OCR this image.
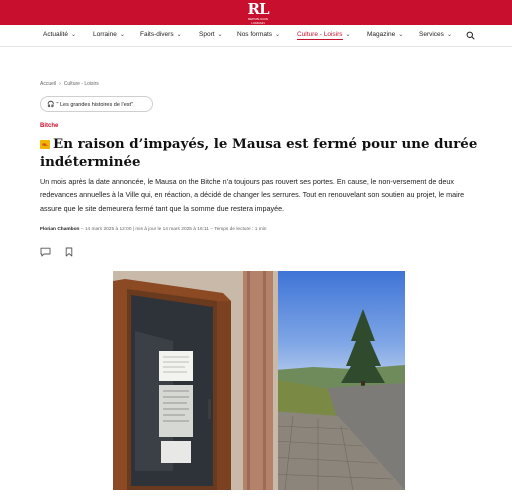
RL
REPUBLICAIN LORRAIN
Actualité ⌄	Lorraine ⌄ Faits-divers ⌄	Sport ⌄ Nos formats ⌄	Culture - Loisirs ⌄	Magazine ⌄ Services ⌄
Accueil › Culture - Loisirs
🎧 " Les grandes histoires de l'est"
Bitche
RL En raison d’impayés, le Mausa est fermé pour une durée indéterminée

Un mois après la date annoncée, le Mausa on the Bitche n’a toujours pas rouvert ses portes. En cause, le non-versement de deux redevances annuelles à la Ville qui, en réaction, a décidé de changer les serrures. Tout en renouvelant son soutien au projet, le maire assure que le site demeurera fermé tant que la somme due restera impayée.

Florian Chambon – 14 mars 2025 à 12:00 | mis à jour le 14 mars 2025 à 16:11 – Temps de lecture : 1 min
